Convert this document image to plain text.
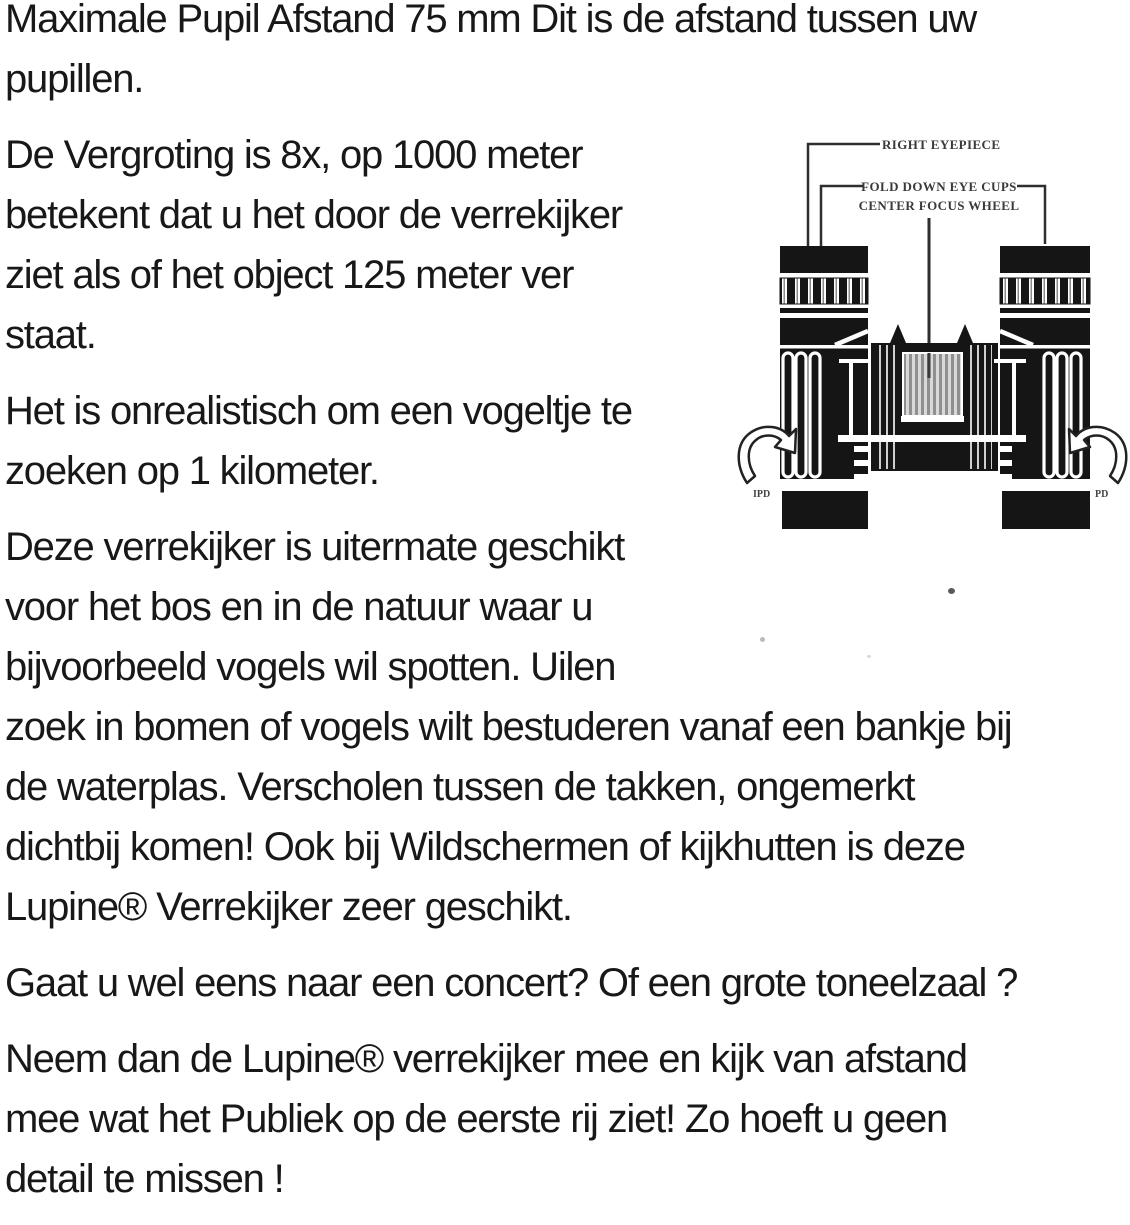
Maximale Pupil Afstand 75 mm Dit is de afstand tussen uw
pupillen.
De Vergroting is 8x, op 1000 meter
betekent dat u het door de verrekijker
ziet als of het object 125 meter ver
staat.
Het is onrealistisch om een vogeltje te
zoeken op 1 kilometer.
Deze verrekijker is uitermate geschikt
voor het bos en in de natuur waar u
bijvoorbeeld vogels wil spotten. Uilen
zoek in bomen of vogels wilt bestuderen vanaf een bankje bij
de waterplas. Verscholen tussen de takken, ongemerkt
dichtbij komen! Ook bij Wildschermen of kijkhutten is deze
Lupine® Verrekijker zeer geschikt.
Gaat u wel eens naar een concert? Of een grote toneelzaal ?
Neem dan de Lupine® verrekijker mee en kijk van afstand
mee wat het Publiek op de eerste rij ziet! Zo hoeft u geen
detail te missen !
RIGHT EYEPIECE
FOLD DOWN EYE CUPS
CENTER FOCUS WHEEL
IPD	PD
